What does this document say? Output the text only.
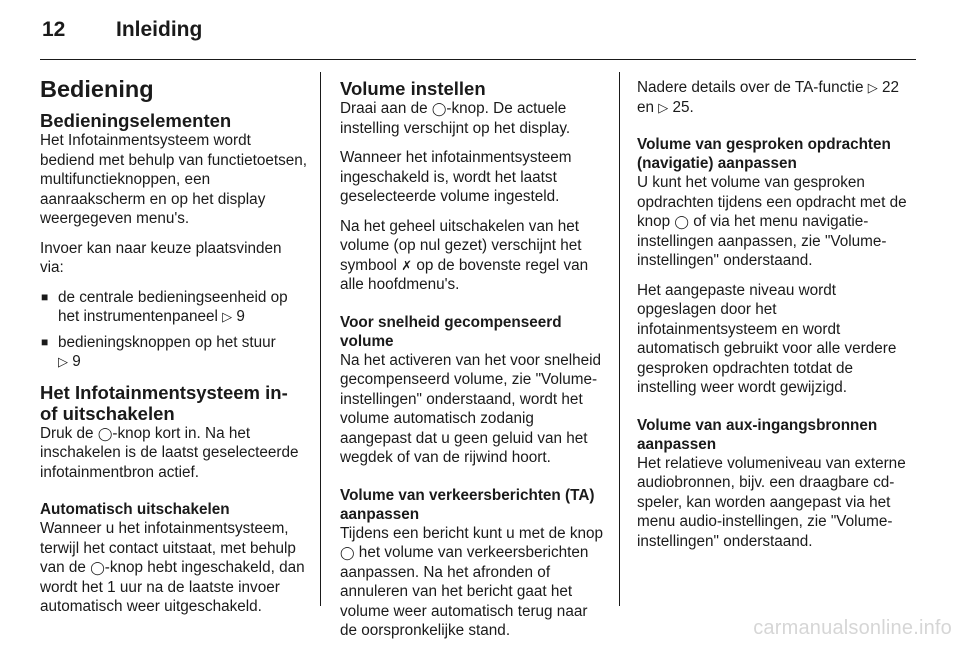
12	Inleiding
Bediening
Bedieningselementen

Het Infotainmentsysteem wordt bediend met behulp van functietoetsen, multifunctieknoppen, een aanraakscherm en op het display weergegeven menu's.

Invoer kan naar keuze plaatsvinden via:

■ de centrale bedieningseenheid op het instrumentenpaneel ▷ 9
■ bedieningsknoppen op het stuur
▷ 9
Het Infotainmentsysteem in- of uitschakelen

Druk de ◯-knop kort in. Na het inschakelen is de laatst geselecteerde infotainmentbron actief.

Automatisch uitschakelen

Wanneer u het infotainmentsysteem, terwijl het contact uitstaat, met behulp van de ◯-knop hebt ingeschakeld, dan wordt het 1 uur na de laatste invoer automatisch weer uitgeschakeld.

Volume instellen

Draai aan de ◯-knop. De actuele instelling verschijnt op het display.

Wanneer het infotainmentsysteem ingeschakeld is, wordt het laatst geselecteerde volume ingesteld.

Na het geheel uitschakelen van het volume (op nul gezet) verschijnt het symbool ✗ op de bovenste regel van alle hoofdmenu's.

Voor snelheid gecompenseerd volume

Na het activeren van het voor snelheid gecompenseerd volume, zie "Volume-instellingen" onderstaand, wordt het volume automatisch zodanig aangepast dat u geen geluid van het wegdek of van de rijwind hoort.

Volume van verkeersberichten (TA) aanpassen

Tijdens een bericht kunt u met de knop ◯ het volume van verkeersberichten aanpassen. Na het afronden of annuleren van het bericht gaat het volume weer automatisch terug naar de oorspronkelijke stand.

Nadere details over de TA-functie ▷ 22 en ▷ 25.

Volume van gesproken opdrachten (navigatie) aanpassen

U kunt het volume van gesproken opdrachten tijdens een opdracht met de knop ◯ of via het menu navigatie-instellingen aanpassen, zie "Volume-instellingen" onderstaand.

Het aangepaste niveau wordt opgeslagen door het infotainmentsysteem en wordt automatisch gebruikt voor alle verdere gesproken opdrachten totdat de instelling weer wordt gewijzigd.

Volume van aux-ingangsbronnen aanpassen

Het relatieve volumeniveau van externe audiobronnen, bijv. een draagbare cd-speler, kan worden aangepast via het menu audio-instellingen, zie "Volume-instellingen" onderstaand.

carmanualsonline.info
